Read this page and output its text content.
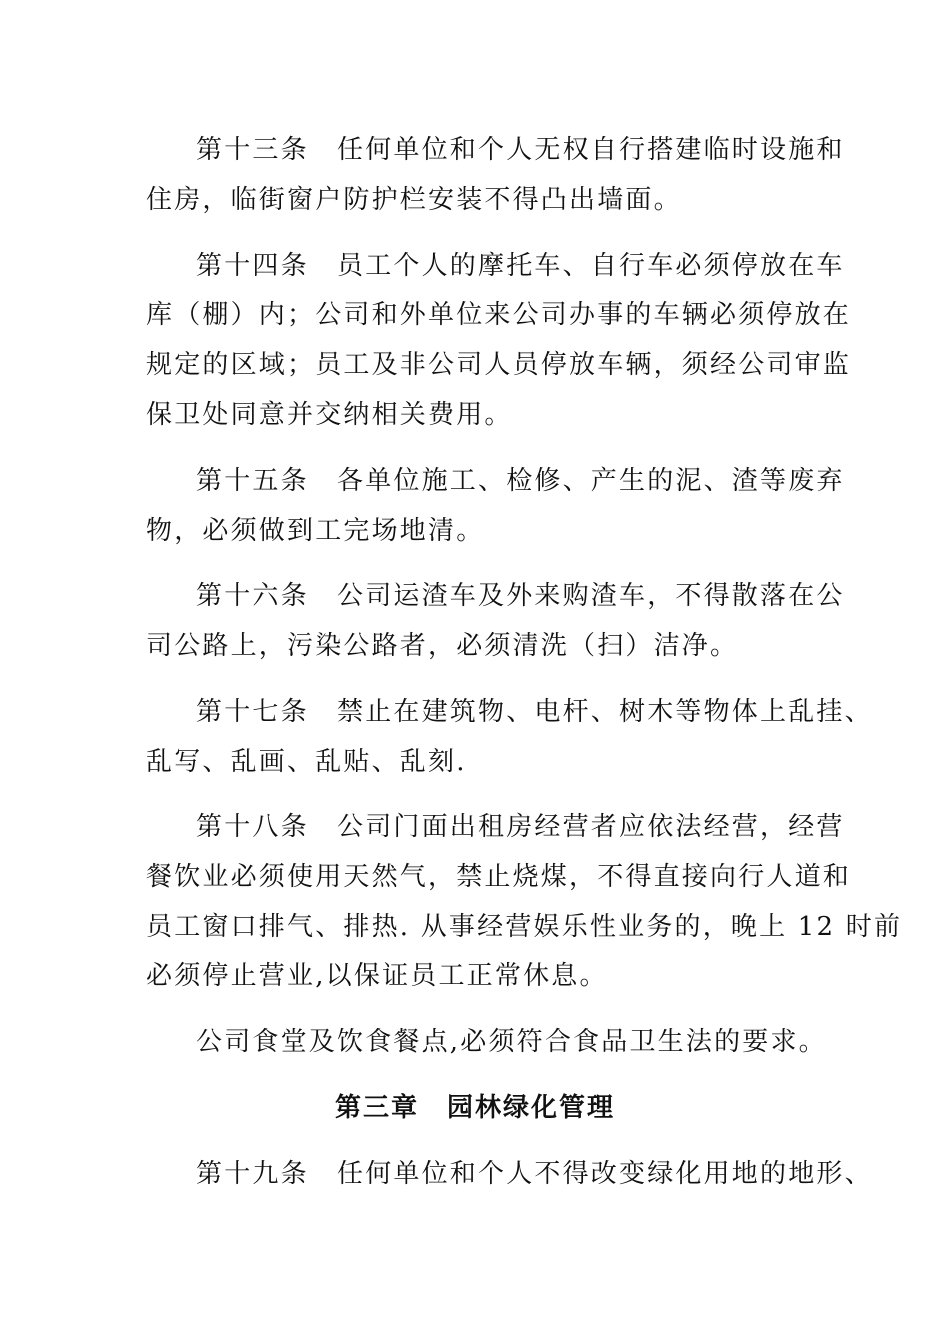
第十三条　任何单位和个人无权自行搭建临时设施和
住房，临街窗户防护栏安装不得凸出墙面。
第十四条　员工个人的摩托车、自行车必须停放在车
库（棚）内；公司和外单位来公司办事的车辆必须停放在
规定的区域；员工及非公司人员停放车辆，须经公司审监
保卫处同意并交纳相关费用。
第十五条　各单位施工、检修、产生的泥、渣等废弃
物，必须做到工完场地清。
第十六条　公司运渣车及外来购渣车，不得散落在公
司公路上，污染公路者，必须清洗（扫）洁净。
第十七条　禁止在建筑物、电杆、树木等物体上乱挂、
乱写、乱画、乱贴、乱刻.
第十八条　公司门面出租房经营者应依法经营，经营
餐饮业必须使用天然气，禁止烧煤，不得直接向行人道和
员工窗口排气、排热. 从事经营娱乐性业务的，晚上 12 时前
必须停止营业,以保证员工正常休息。
公司食堂及饮食餐点,必须符合食品卫生法的要求。
第三章　园林绿化管理
第十九条　任何单位和个人不得改变绿化用地的地形、
